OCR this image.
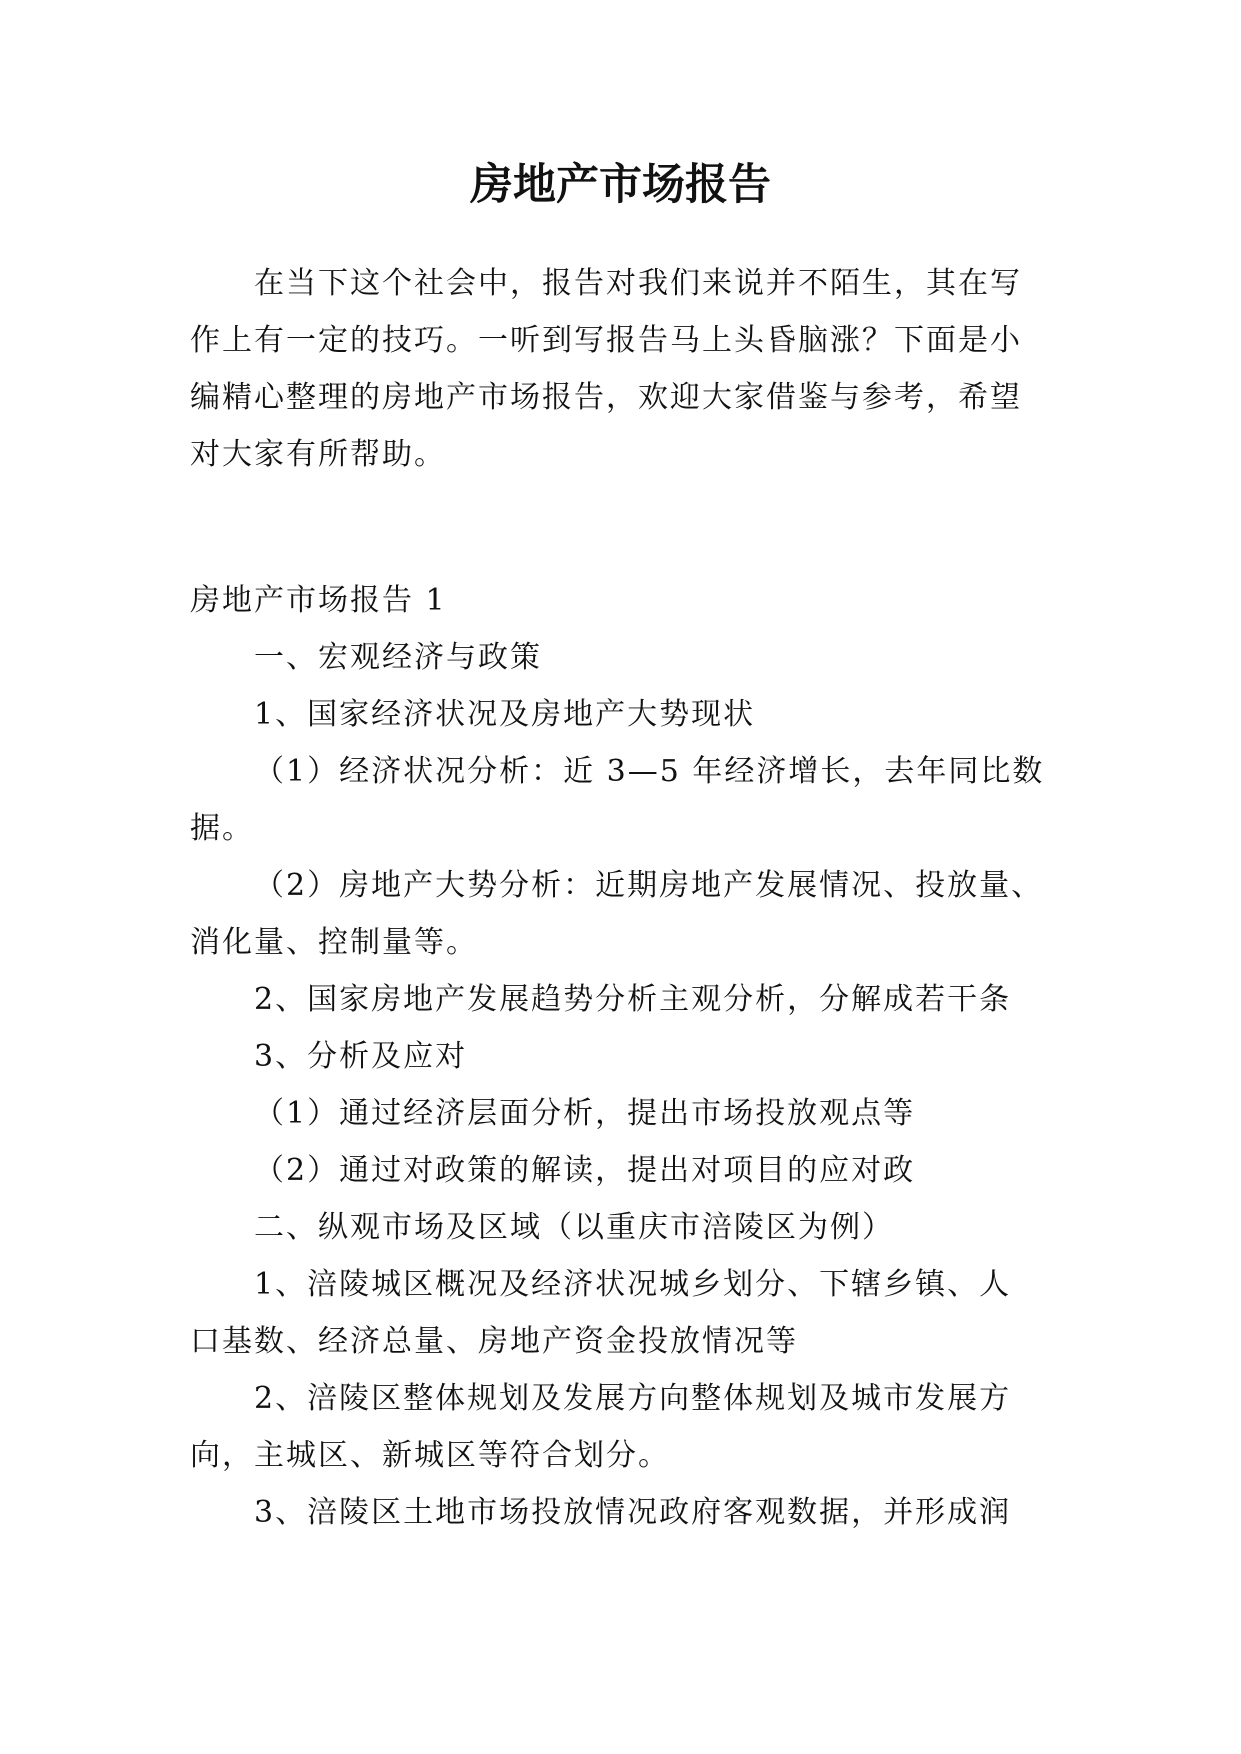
房地产市场报告
在当下这个社会中，报告对我们来说并不陌生，其在写
作上有一定的技巧。一听到写报告马上头昏脑涨？下面是小
编精心整理的房地产市场报告，欢迎大家借鉴与参考，希望
对大家有所帮助。
房地产市场报告 1
一、宏观经济与政策
1、国家经济状况及房地产大势现状
（1）经济状况分析：近 3—5 年经济增长，去年同比数
据。
（2）房地产大势分析：近期房地产发展情况、投放量、
消化量、控制量等。
2、国家房地产发展趋势分析主观分析，分解成若干条
3、分析及应对
（1）通过经济层面分析，提出市场投放观点等
（2）通过对政策的解读，提出对项目的应对政
二、纵观市场及区域（以重庆市涪陵区为例）
1、涪陵城区概况及经济状况城乡划分、下辖乡镇、人
口基数、经济总量、房地产资金投放情况等
2、涪陵区整体规划及发展方向整体规划及城市发展方
向，主城区、新城区等符合划分。
3、涪陵区土地市场投放情况政府客观数据，并形成润
